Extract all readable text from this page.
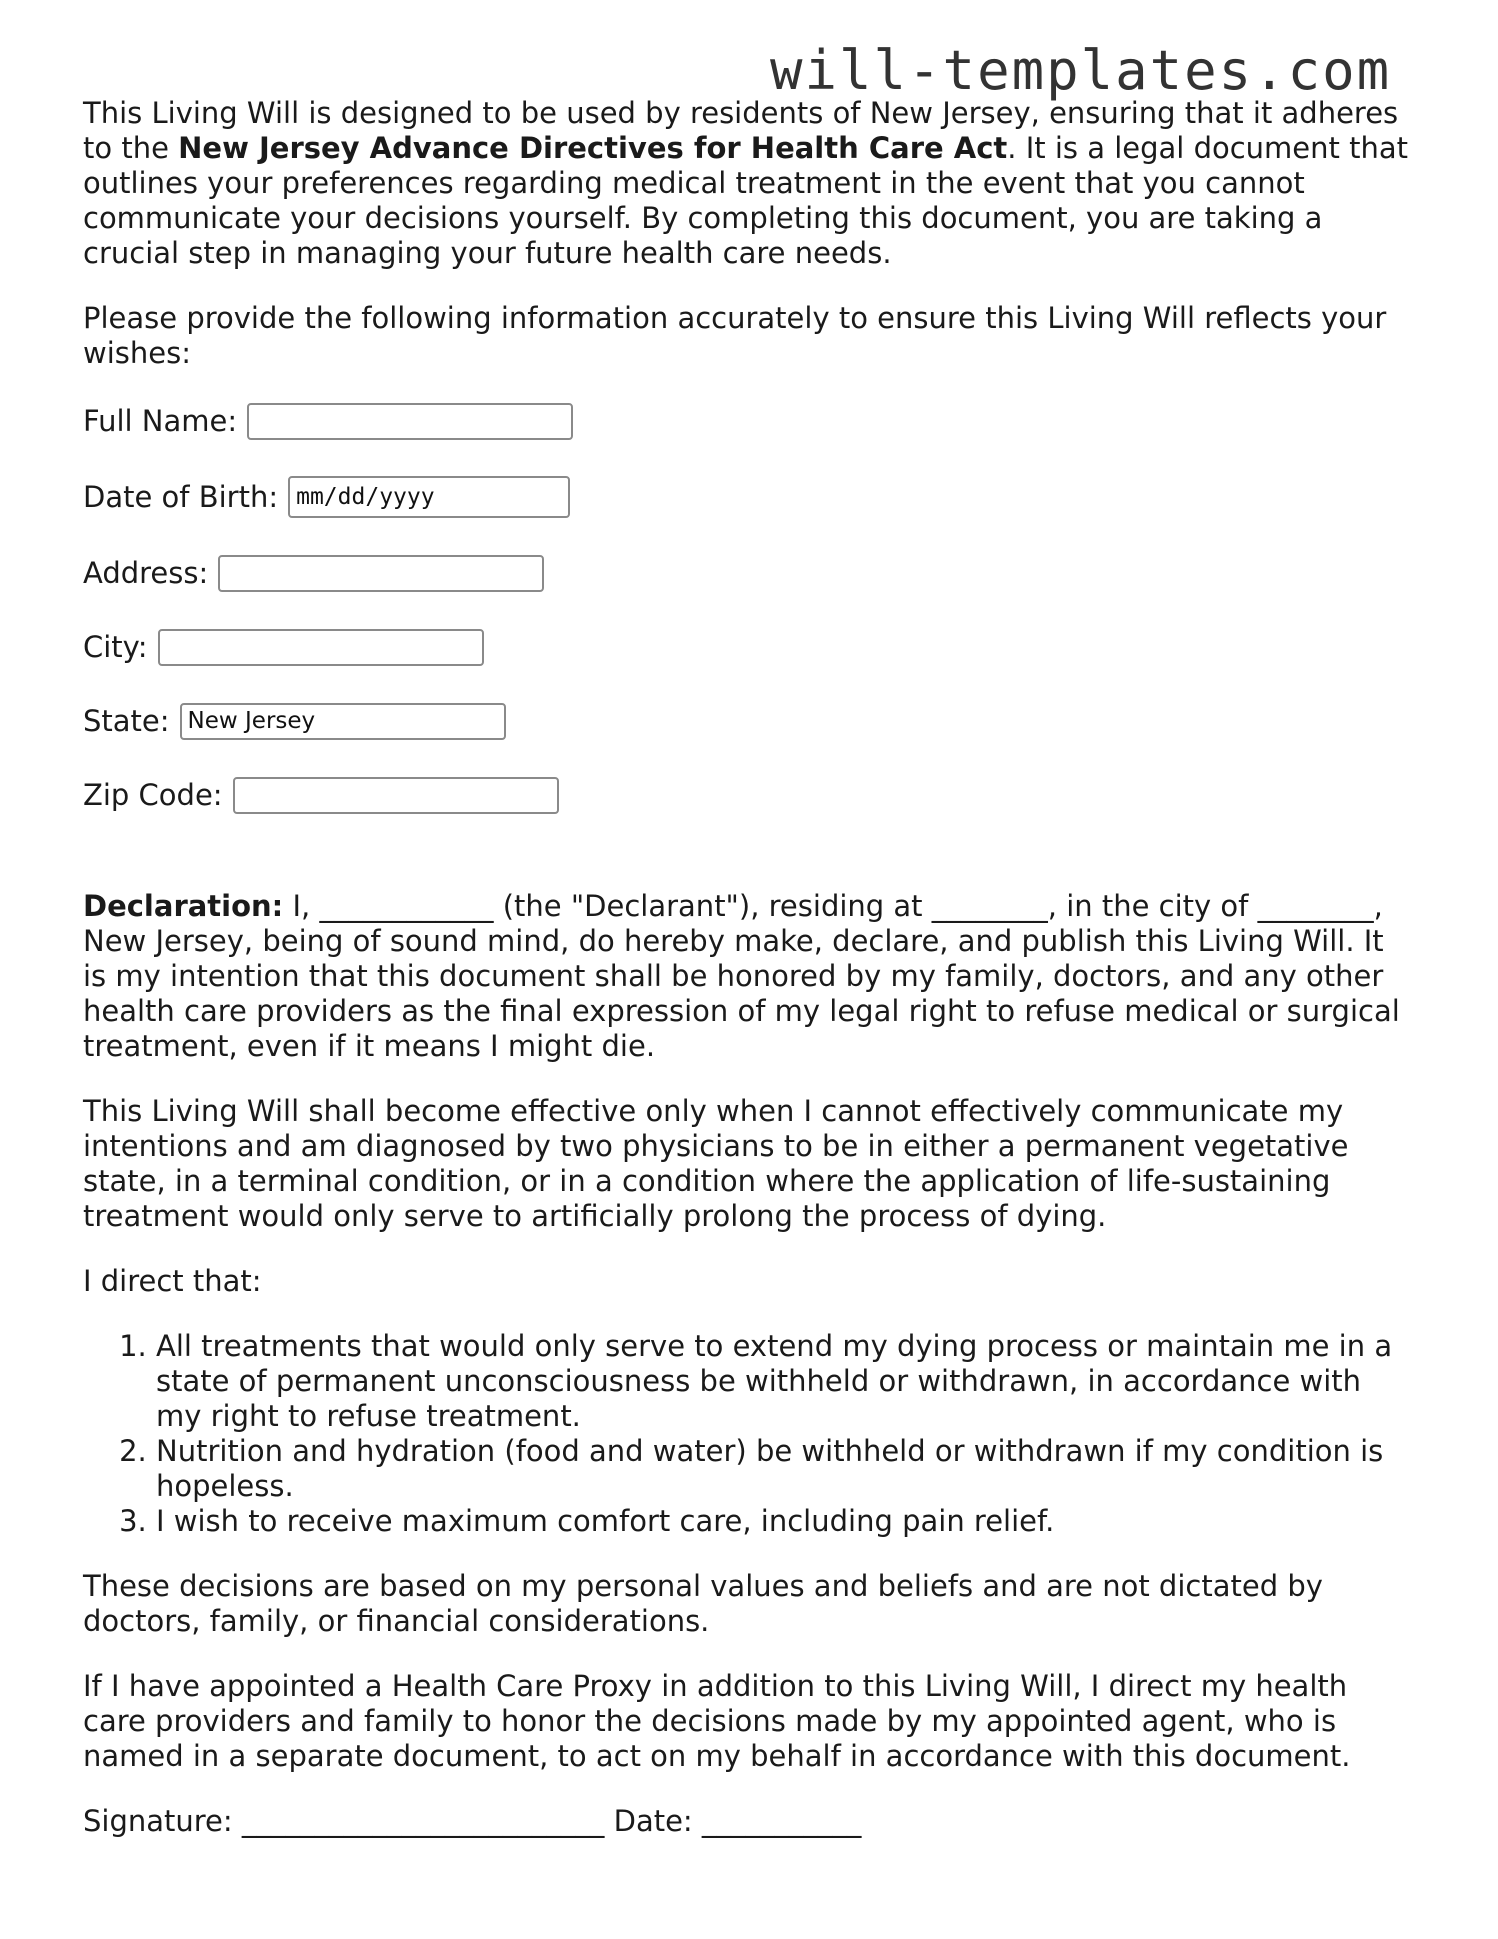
will-templates.com

This Living Will is designed to be used by residents of New Jersey, ensuring that it adheres to the New Jersey Advance Directives for Health Care Act. It is a legal document that outlines your preferences regarding medical treatment in the event that you cannot communicate your decisions yourself. By completing this document, you are taking a crucial step in managing your future health care needs.

Please provide the following information accurately to ensure this Living Will reflects your wishes:

Full Name:
Date of Birth: mm/dd/yyyy
Address:
City:
State: New Jersey
Zip Code:

Declaration: I, ____________ (the "Declarant"), residing at ________, in the city of ________, New Jersey, being of sound mind, do hereby make, declare, and publish this Living Will. It is my intention that this document shall be honored by my family, doctors, and any other health care providers as the final expression of my legal right to refuse medical or surgical treatment, even if it means I might die.

This Living Will shall become effective only when I cannot effectively communicate my intentions and am diagnosed by two physicians to be in either a permanent vegetative state, in a terminal condition, or in a condition where the application of life-sustaining treatment would only serve to artificially prolong the process of dying.

I direct that:

1. All treatments that would only serve to extend my dying process or maintain me in a state of permanent unconsciousness be withheld or withdrawn, in accordance with my right to refuse treatment.
2. Nutrition and hydration (food and water) be withheld or withdrawn if my condition is hopeless.
3. I wish to receive maximum comfort care, including pain relief.

These decisions are based on my personal values and beliefs and are not dictated by doctors, family, or financial considerations.

If I have appointed a Health Care Proxy in addition to this Living Will, I direct my health care providers and family to honor the decisions made by my appointed agent, who is named in a separate document, to act on my behalf in accordance with this document.

Signature: _________________________ Date: ___________
